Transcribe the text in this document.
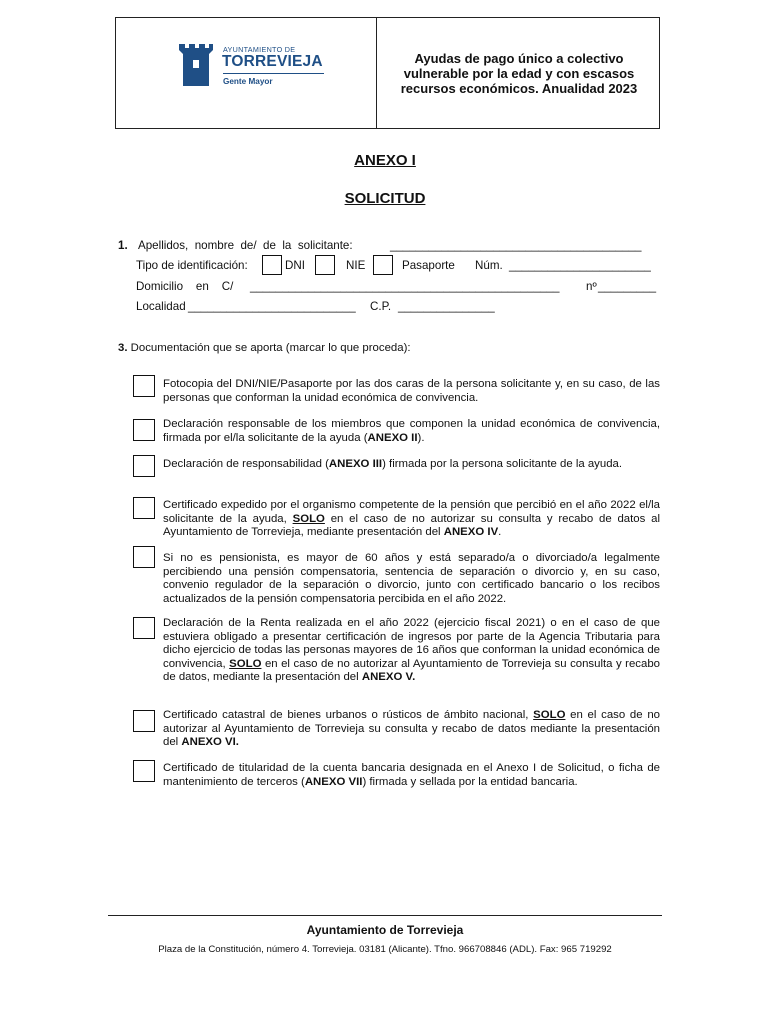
AYUNTAMIENTO DE
TORREVIEJA
Gente Mayor
Ayudas de pago único a colectivo
vulnerable por la edad y con escasos
recursos económicos. Anualidad 2023
ANEXO I
SOLICITUD
1. Apellidos,  nombre  de/  de  la  solicitante:	_______________________________________
Tipo de identificación:	DNI	NIE	Pasaporte Núm. ______________________
Domicilio    en    C/ ________________________________________________ nº _________
Localidad __________________________ C.P. _______________
3. Documentación que se aporta (marcar lo que proceda):
Fotocopia del DNI/NIE/Pasaporte por las dos caras de la persona solicitante y, en su caso, de las personas que conforman la unidad económica de convivencia.
Declaración responsable de los miembros que componen la unidad económica de convivencia, firmada por el/la solicitante de la ayuda (ANEXO II).
Declaración de responsabilidad (ANEXO III) firmada por la persona solicitante de la ayuda.
Certificado expedido por el organismo competente de la pensión que percibió en el año 2022 el/la solicitante de la ayuda, SOLO en el caso de no autorizar su consulta y recabo de datos al Ayuntamiento de Torrevieja, mediante presentación del ANEXO IV.
Si no es pensionista, es mayor de 60 años y está separado/a o divorciado/a legalmente percibiendo una pensión compensatoria, sentencia de separación o divorcio y, en su caso, convenio regulador de la separación o divorcio, junto con certificado bancario o los recibos actualizados de la pensión compensatoria percibida en el año 2022.
Declaración de la Renta realizada en el año 2022 (ejercicio fiscal 2021) o en el caso de que estuviera obligado a presentar certificación de ingresos por parte de la Agencia Tributaria para dicho ejercicio de todas las personas mayores de 16 años que conforman la unidad económica de convivencia, SOLO en el caso de no autorizar al Ayuntamiento de Torrevieja su consulta y recabo de datos, mediante la presentación del ANEXO V.
Certificado catastral de bienes urbanos o rústicos de ámbito nacional, SOLO en el caso de no autorizar al Ayuntamiento de Torrevieja su consulta y recabo de datos mediante la presentación del ANEXO VI.
Certificado de titularidad de la cuenta bancaria designada en el Anexo I de Solicitud, o ficha de mantenimiento de terceros (ANEXO VII) firmada y sellada por la entidad bancaria.
Ayuntamiento de Torrevieja
Plaza de la Constitución, número 4. Torrevieja. 03181 (Alicante). Tfno. 966708846 (ADL). Fax: 965 719292
